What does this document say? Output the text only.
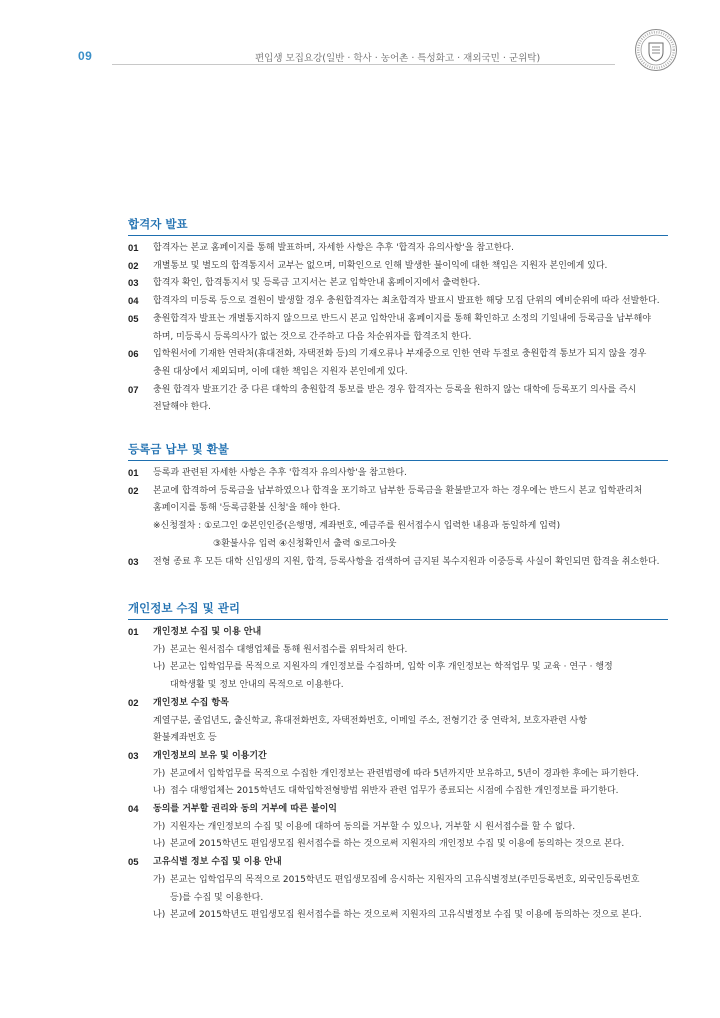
09	편입생 모집요강(일반 · 학사 · 농어촌 · 특성화고 · 재외국민 · 군위탁)
합격자 발표
01 합격자는 본교 홈페이지를 통해 발표하며, 자세한 사항은 추후 '합격자 유의사항'을 참고한다.
02 개별통보 및 별도의 합격통지서 교부는 없으며, 미확인으로 인해 발생한 불이익에 대한 책임은 지원자 본인에게 있다.
03 합격자 확인, 합격통지서 및 등록금 고지서는 본교 입학안내 홈페이지에서 출력한다.
04 합격자의 미등록 등으로 결원이 발생할 경우 충원합격자는 최초합격자 발표시 발표한 해당 모집 단위의 예비순위에 따라 선발한다.
05 충원합격자 발표는 개별통지하지 않으므로 반드시 본교 입학안내 홈페이지를 통해 확인하고 소정의 기일내에 등록금을 납부해야
하며, 미등록시 등록의사가 없는 것으로 간주하고 다음 차순위자를 합격조치 한다.
06 입학원서에 기재한 연락처(휴대전화, 자택전화 등)의 기재오류나 부재중으로 인한 연락 두절로 충원합격 통보가 되지 않을 경우
충원 대상에서 제외되며, 이에 대한 책임은 지원자 본인에게 있다.
07 충원 합격자 발표기간 중 다른 대학의 충원합격 통보를 받은 경우 합격자는 등록을 원하지 않는 대학에 등록포기 의사를 즉시
전달해야 한다.
등록금 납부 및 환불
01 등록과 관련된 자세한 사항은 추후 '합격자 유의사항'을 참고한다.
02 본교에 합격하여 등록금을 납부하였으나 합격을 포기하고 납부한 등록금을 환불받고자 하는 경우에는 반드시 본교 입학관리처
홈페이지를 통해 '등록금환불 신청'을 해야 한다.
※신청절차 : ①로그인 ②본인인증(은행명, 계좌번호, 예금주를 원서접수시 입력한 내용과 동일하게 입력)
③환불사유 입력 ④신청확인서 출력 ⑤로그아웃
03 전형 종료 후 모든 대학 신입생의 지원, 합격, 등록사항을 검색하여 금지된 복수지원과 이중등록 사실이 확인되면 합격을 취소한다.
개인정보 수집 및 관리
01 개인정보 수집 및 이용 안내
가) 본교는 원서접수 대행업체를 통해 원서접수를 위탁처리 한다.
나) 본교는 입학업무를 목적으로 지원자의 개인정보를 수집하며, 입학 이후 개인정보는 학적업무 및 교육 · 연구 · 행정
대학생활 및 정보 안내의 목적으로 이용한다.
02 개인정보 수집 항목
계열구분, 졸업년도, 출신학교, 휴대전화번호, 자택전화번호, 이메일 주소, 전형기간 중 연락처, 보호자관련 사항
환불계좌번호 등
03 개인정보의 보유 및 이용기간
가) 본교에서 입학업무를 목적으로 수집한 개인정보는 관련법령에 따라 5년까지만 보유하고, 5년이 경과한 후에는 파기한다.
나) 접수 대행업체는 2015학년도 대학입학전형방법 위반자 관련 업무가 종료되는 시점에 수집한 개인정보를 파기한다.
04 동의를 거부할 권리와 동의 거부에 따른 불이익
가) 지원자는 개인정보의 수집 및 이용에 대하여 동의를 거부할 수 있으나, 거부할 시 원서접수를 할 수 없다.
나) 본교에 2015학년도 편입생모집 원서접수를 하는 것으로써 지원자의 개인정보 수집 및 이용에 동의하는 것으로 본다.
05 고유식별 정보 수집 및 이용 안내
가) 본교는 입학업무의 목적으로 2015학년도 편입생모집에 응시하는 지원자의 고유식별정보(주민등록번호, 외국인등록번호
등)를 수집 및 이용한다.
나) 본교에 2015학년도 편입생모집 원서접수를 하는 것으로써 지원자의 고유식별정보 수집 및 이용에 동의하는 것으로 본다.
